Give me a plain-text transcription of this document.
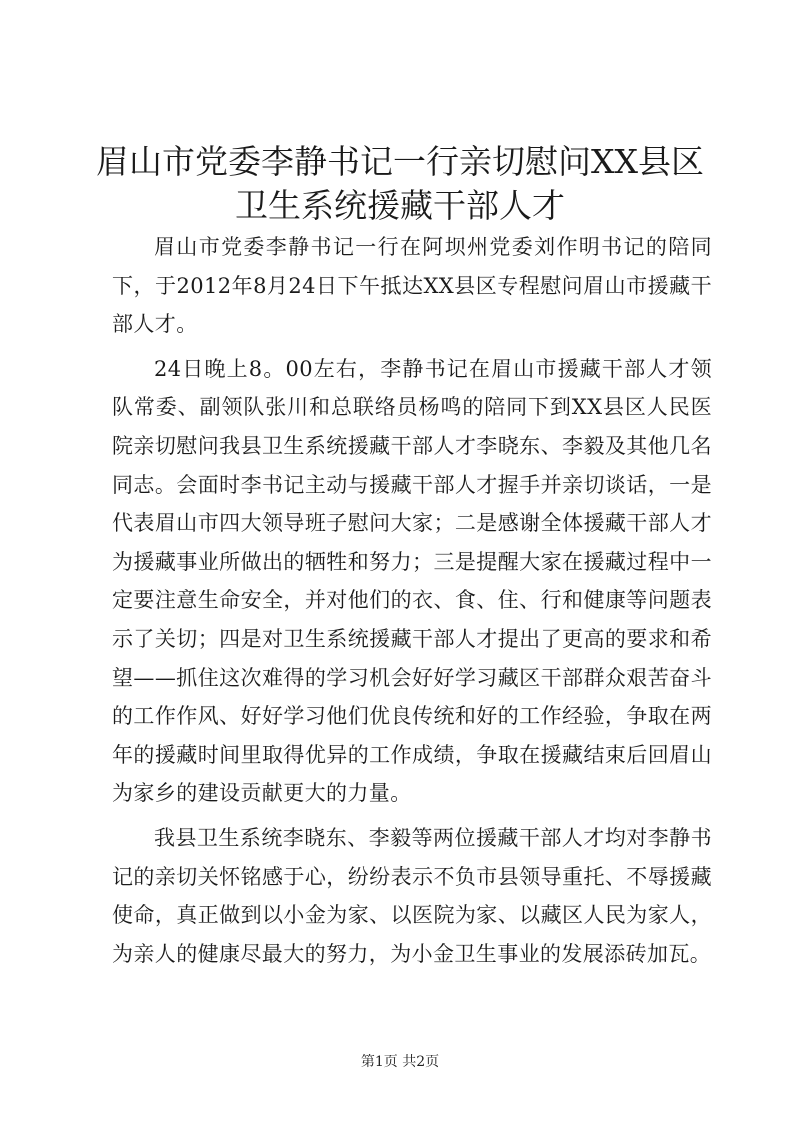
眉山市党委李静书记一行亲切慰问XX县区卫生系统援藏干部人才

眉山市党委李静书记一行在阿坝州党委刘作明书记的陪同下，于2012年8月24日下午抵达XX县区专程慰问眉山市援藏干部人才。

24日晚上8。00左右，李静书记在眉山市援藏干部人才领队常委、副领队张川和总联络员杨鸣的陪同下到XX县区人民医院亲切慰问我县卫生系统援藏干部人才李晓东、李毅及其他几名同志。会面时李书记主动与援藏干部人才握手并亲切谈话，一是代表眉山市四大领导班子慰问大家；二是感谢全体援藏干部人才为援藏事业所做出的牺牲和努力；三是提醒大家在援藏过程中一定要注意生命安全，并对他们的衣、食、住、行和健康等问题表示了关切；四是对卫生系统援藏干部人才提出了更高的要求和希望——抓住这次难得的学习机会好好学习藏区干部群众艰苦奋斗的工作作风、好好学习他们优良传统和好的工作经验，争取在两年的援藏时间里取得优异的工作成绩，争取在援藏结束后回眉山为家乡的建设贡献更大的力量。

我县卫生系统李晓东、李毅等两位援藏干部人才均对李静书记的亲切关怀铭感于心，纷纷表示不负市县领导重托、不辱援藏使命，真正做到以小金为家、以医院为家、以藏区人民为家人，为亲人的健康尽最大的努力，为小金卫生事业的发展添砖加瓦。

第1页 共2页
